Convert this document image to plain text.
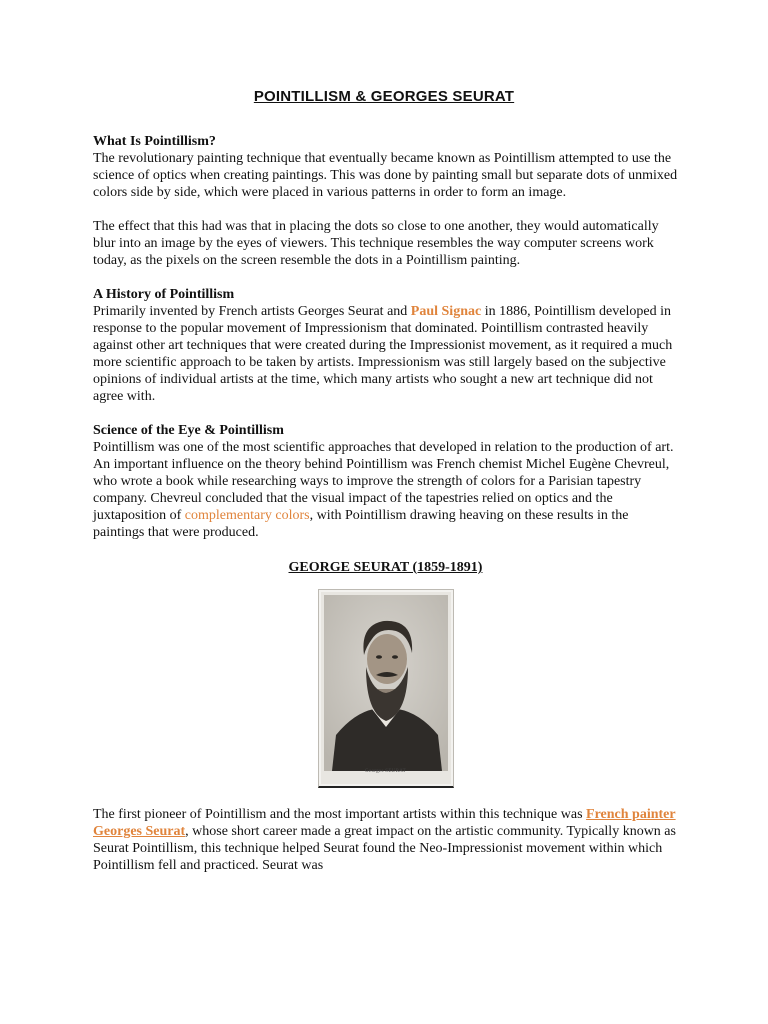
POINTILLISM & GEORGES SEURAT

What Is Pointillism?

The revolutionary painting technique that eventually became known as Pointillism attempted to use the science of optics when creating paintings. This was done by painting small but separate dots of unmixed colors side by side, which were placed in various patterns in order to form an image.

The effect that this had was that in placing the dots so close to one another, they would automatically blur into an image by the eyes of viewers. This technique resembles the way computer screens work today, as the pixels on the screen resemble the dots in a Pointillism painting.

A History of Pointillism

Primarily invented by French artists Georges Seurat and Paul Signac in 1886, Pointillism developed in response to the popular movement of Impressionism that dominated. Pointillism contrasted heavily against other art techniques that were created during the Impressionist movement, as it required a much more scientific approach to be taken by artists. Impressionism was still largely based on the subjective opinions of individual artists at the time, which many artists who sought a new art technique did not agree with.

Science of the Eye & Pointillism

Pointillism was one of the most scientific approaches that developed in relation to the production of art. An important influence on the theory behind Pointillism was French chemist Michel Eugène Chevreul, who wrote a book while researching ways to improve the strength of colors for a Parisian tapestry company. Chevreul concluded that the visual impact of the tapestries relied on optics and the juxtaposition of complementary colors, with Pointillism drawing heaving on these results in the paintings that were produced.

GEORGE SEURAT (1859-1891)

Georges SEURAT

The first pioneer of Pointillism and the most important artists within this technique was French painter Georges Seurat, whose short career made a great impact on the artistic community. Typically known as Seurat Pointillism, this technique helped Seurat found the Neo-Impressionist movement within which Pointillism fell and practiced. Seurat was
